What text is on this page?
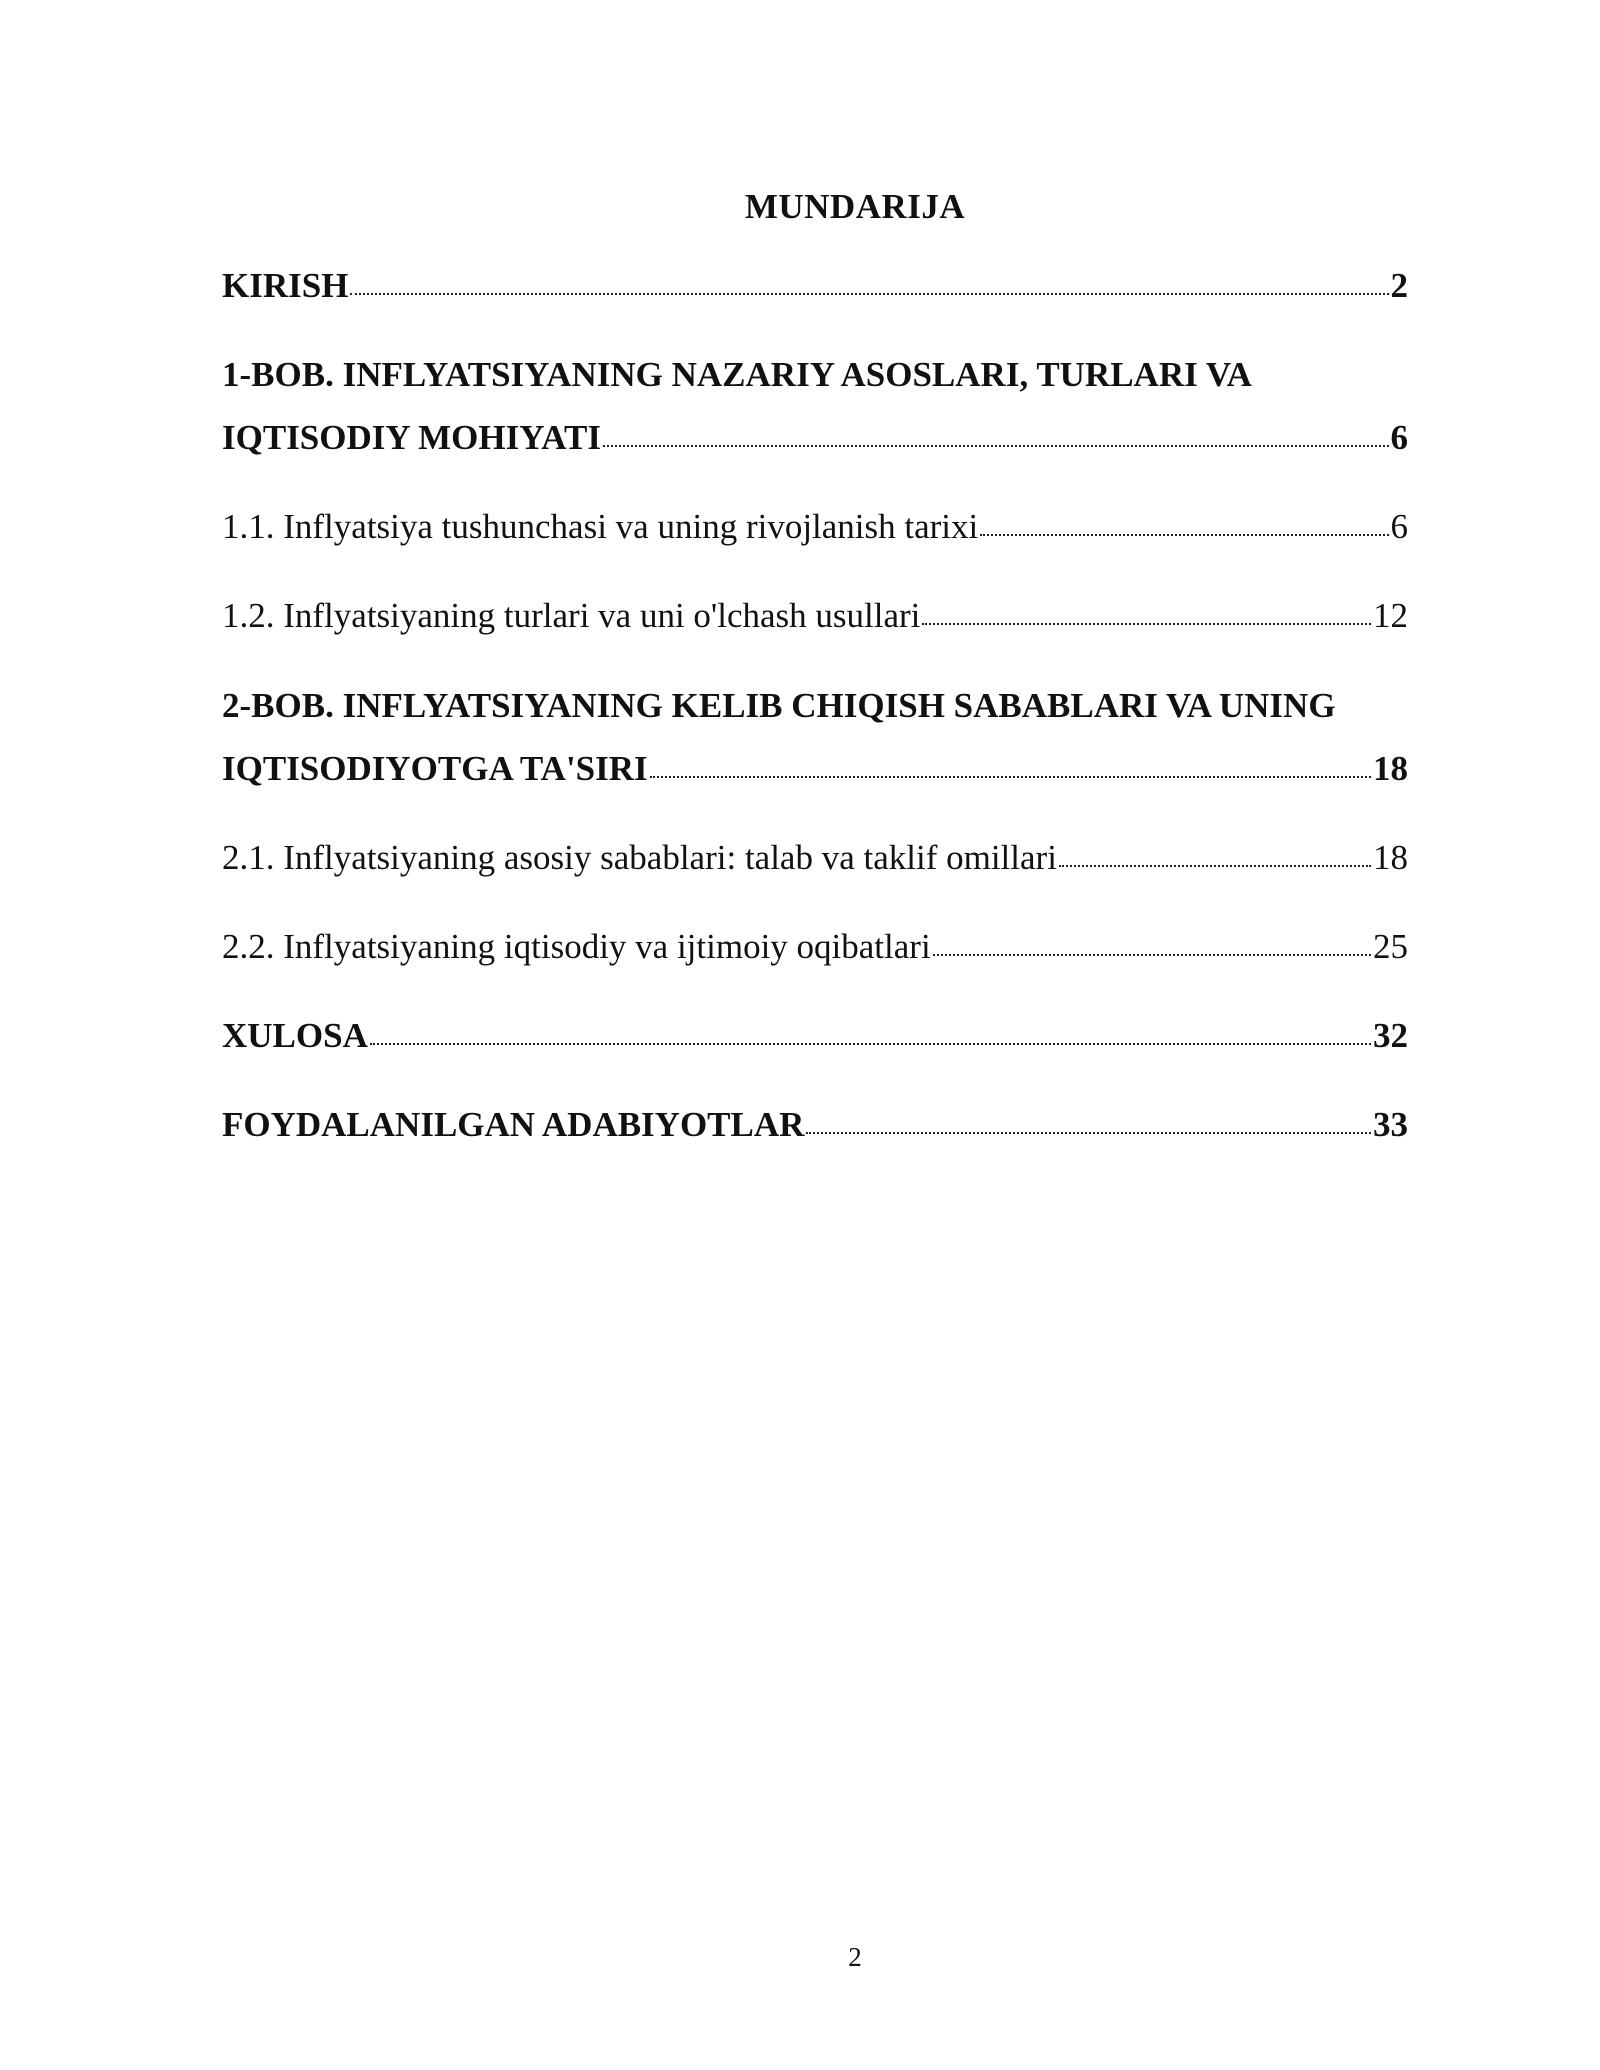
MUNDARIJA
KIRISH	2
1-BOB. INFLYATSIYANING NAZARIY ASOSLARI, TURLARI VA
IQTISODIY MOHIYATI	6
1.1. Inflyatsiya tushunchasi va uning rivojlanish tarixi	6
1.2. Inflyatsiyaning turlari va uni o'lchash usullari	12
2-BOB. INFLYATSIYANING KELIB CHIQISH SABABLARI VA UNING
IQTISODIYOTGA TA'SIRI	18
2.1. Inflyatsiyaning asosiy sabablari: talab va taklif omillari	18
2.2. Inflyatsiyaning iqtisodiy va ijtimoiy oqibatlari	25
XULOSA	32
FOYDALANILGAN ADABIYOTLAR	33
2
